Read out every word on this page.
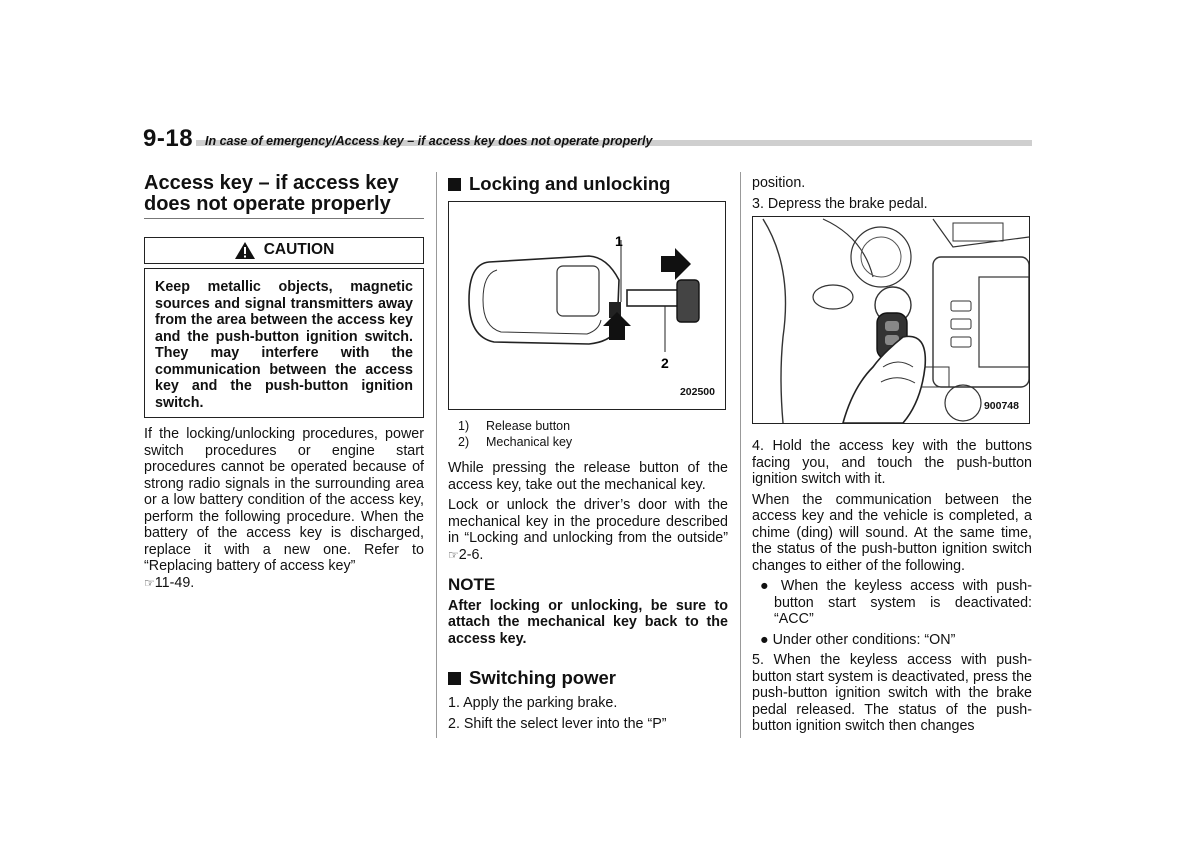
9-18 In case of emergency/Access key – if access key does not operate properly
Access key – if access key does not operate properly
CAUTION
Keep metallic objects, magnetic sources and signal transmitters away from the area between the access key and the push-button ignition switch. They may interfere with the communication between the access key and the push-button ignition switch.

If the locking/unlocking procedures, power switch procedures or engine start procedures cannot be operated because of strong radio signals in the surrounding area or a low battery condition of the access key, perform the following procedure. When the battery of the access key is discharged, replace it with a new one. Refer to “Replacing battery of access key”
☞11-49.

Locking and unlocking
1
2
202500
1)	Release button
2)	Mechanical key

While pressing the release button of the access key, take out the mechanical key.

Lock or unlock the driver’s door with the mechanical key in the procedure described in “Locking and unlocking from the outside” ☞2-6.

NOTE

After locking or unlocking, be sure to attach the mechanical key back to the access key.

Switching power

1. Apply the parking brake.

2. Shift the select lever into the “P”

position.

3. Depress the brake pedal.

900748

4. Hold the access key with the buttons facing you, and touch the push-button ignition switch with it.

When the communication between the access key and the vehicle is completed, a chime (ding) will sound. At the same time, the status of the push-button ignition switch changes to either of the following.

● When the keyless access with push-button start system is deactivated: “ACC”

● Under other conditions: “ON”

5. When the keyless access with push-button start system is deactivated, press the push-button ignition switch with the brake pedal released. The status of the push-button ignition switch then changes
